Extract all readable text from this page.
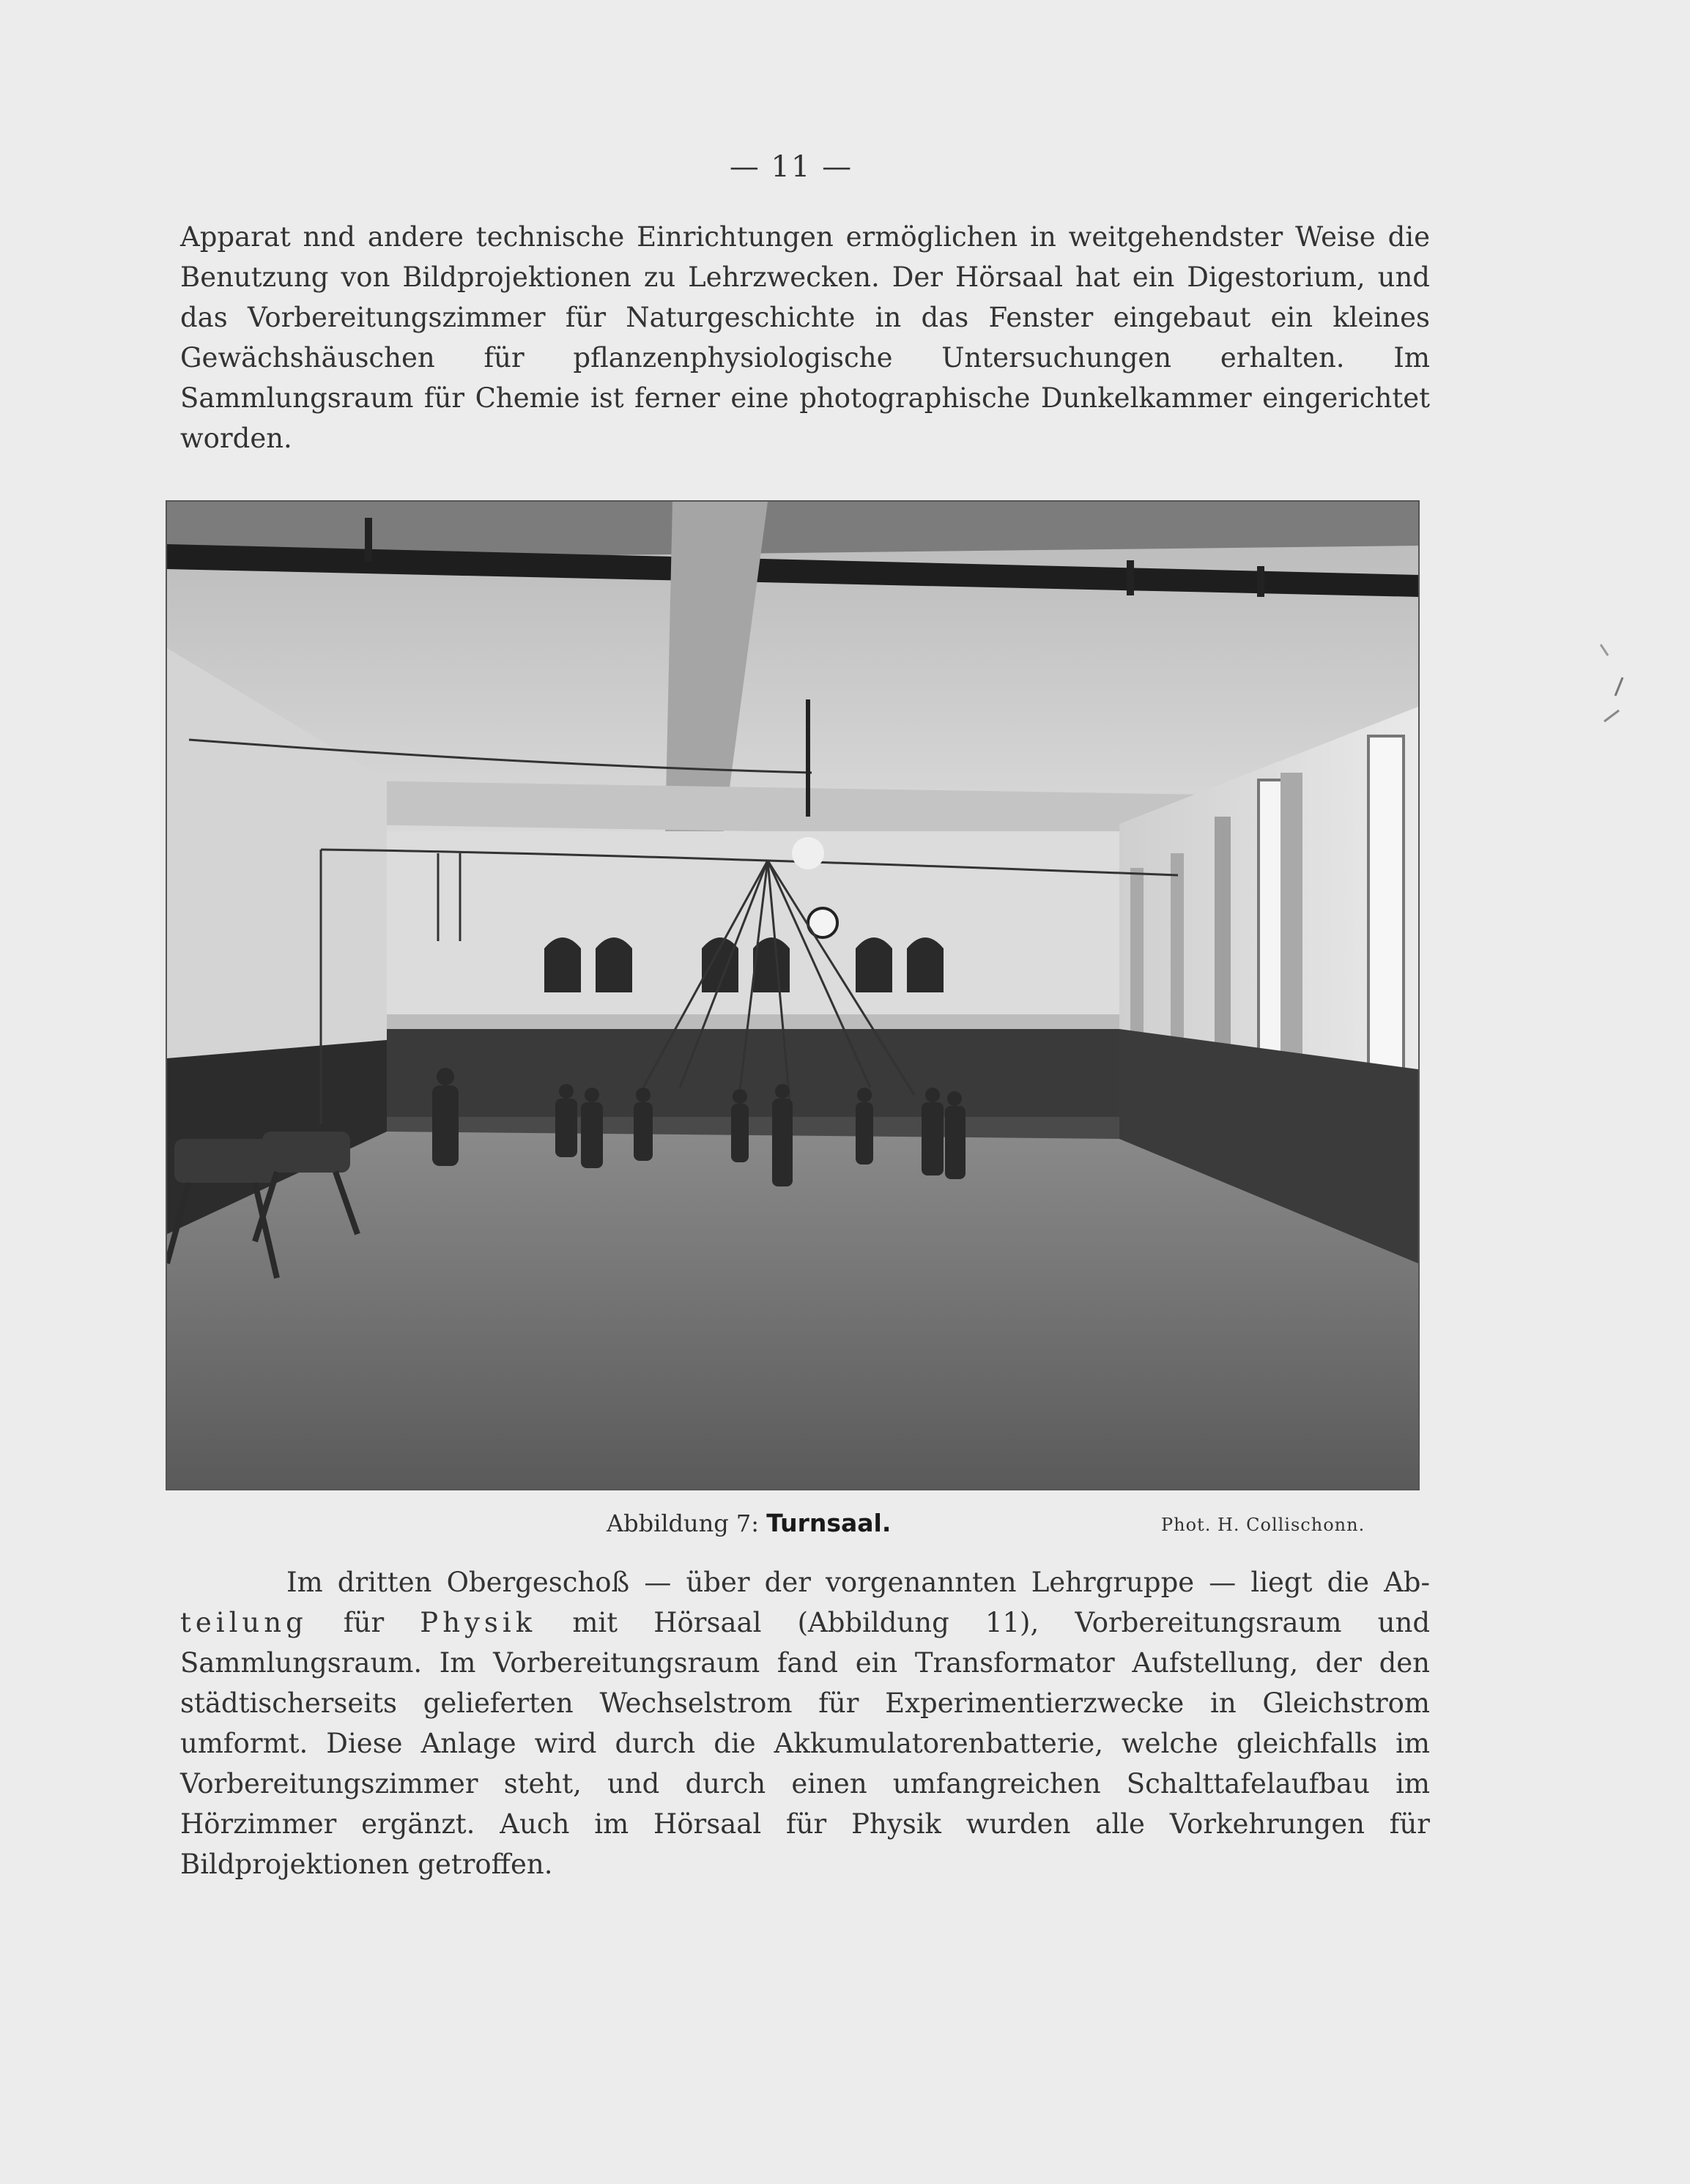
— 11 —

Apparat nnd andere technische Einrichtungen ermöglichen in weitgehendster Weise die Benutzung von Bildprojektionen zu Lehrzwecken. Der Hörsaal hat ein Digestorium, und das Vorbereitungszimmer für Naturgeschichte in das Fenster eingebaut ein kleines Gewächshäuschen für pflanzenphysiologische Untersuchungen erhalten. Im Sammlungsraum für Chemie ist ferner eine photographische Dunkelkammer eingerichtet worden.

Abbildung 7: Turnsaal.	Phot. H. Collischonn.

Im dritten Obergeschoß — über der vorgenannten Lehrgruppe — liegt die Ab-teilung für Physik mit Hörsaal (Abbildung 11), Vorbereitungsraum und Sammlungsraum. Im Vorbereitungsraum fand ein Transformator Aufstellung, der den städtischerseits gelieferten Wechselstrom für Experimentierzwecke in Gleichstrom umformt. Diese Anlage wird durch die Akkumulatorenbatterie, welche gleichfalls im Vorbereitungszimmer steht, und durch einen umfangreichen Schalttafelaufbau im Hörzimmer ergänzt. Auch im Hörsaal für Physik wurden alle Vorkehrungen für Bildprojektionen getroffen.
